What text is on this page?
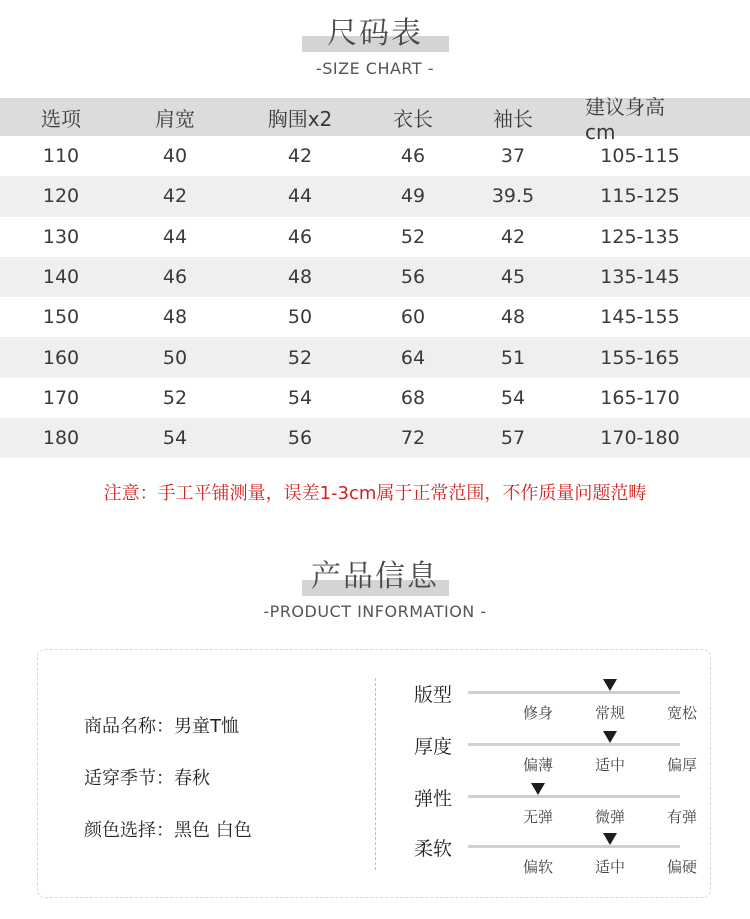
尺码表
-SIZE CHART -
选项	肩宽	胸围x2	衣长	袖长	建议身高cm
110	40	42	46	37	105-115
120	42	44	49	39.5	115-125
130	44	46	52	42	125-135
140	46	48	56	45	135-145
150	48	50	60	48	145-155
160	50	52	64	51	155-165
170	52	54	68	54	165-170
180	54	56	72	57	170-180
注意：手工平铺测量，误差1-3cm属于正常范围，不作质量问题范畴
产品信息
-PRODUCT INFORMATION -
商品名称：男童T恤
适穿季节：春秋
颜色选择：黑色 白色
版型
修身	常规	宽松
厚度
偏薄	适中	偏厚
弹性
无弹	微弹	有弹
柔软
偏软	适中	偏硬
